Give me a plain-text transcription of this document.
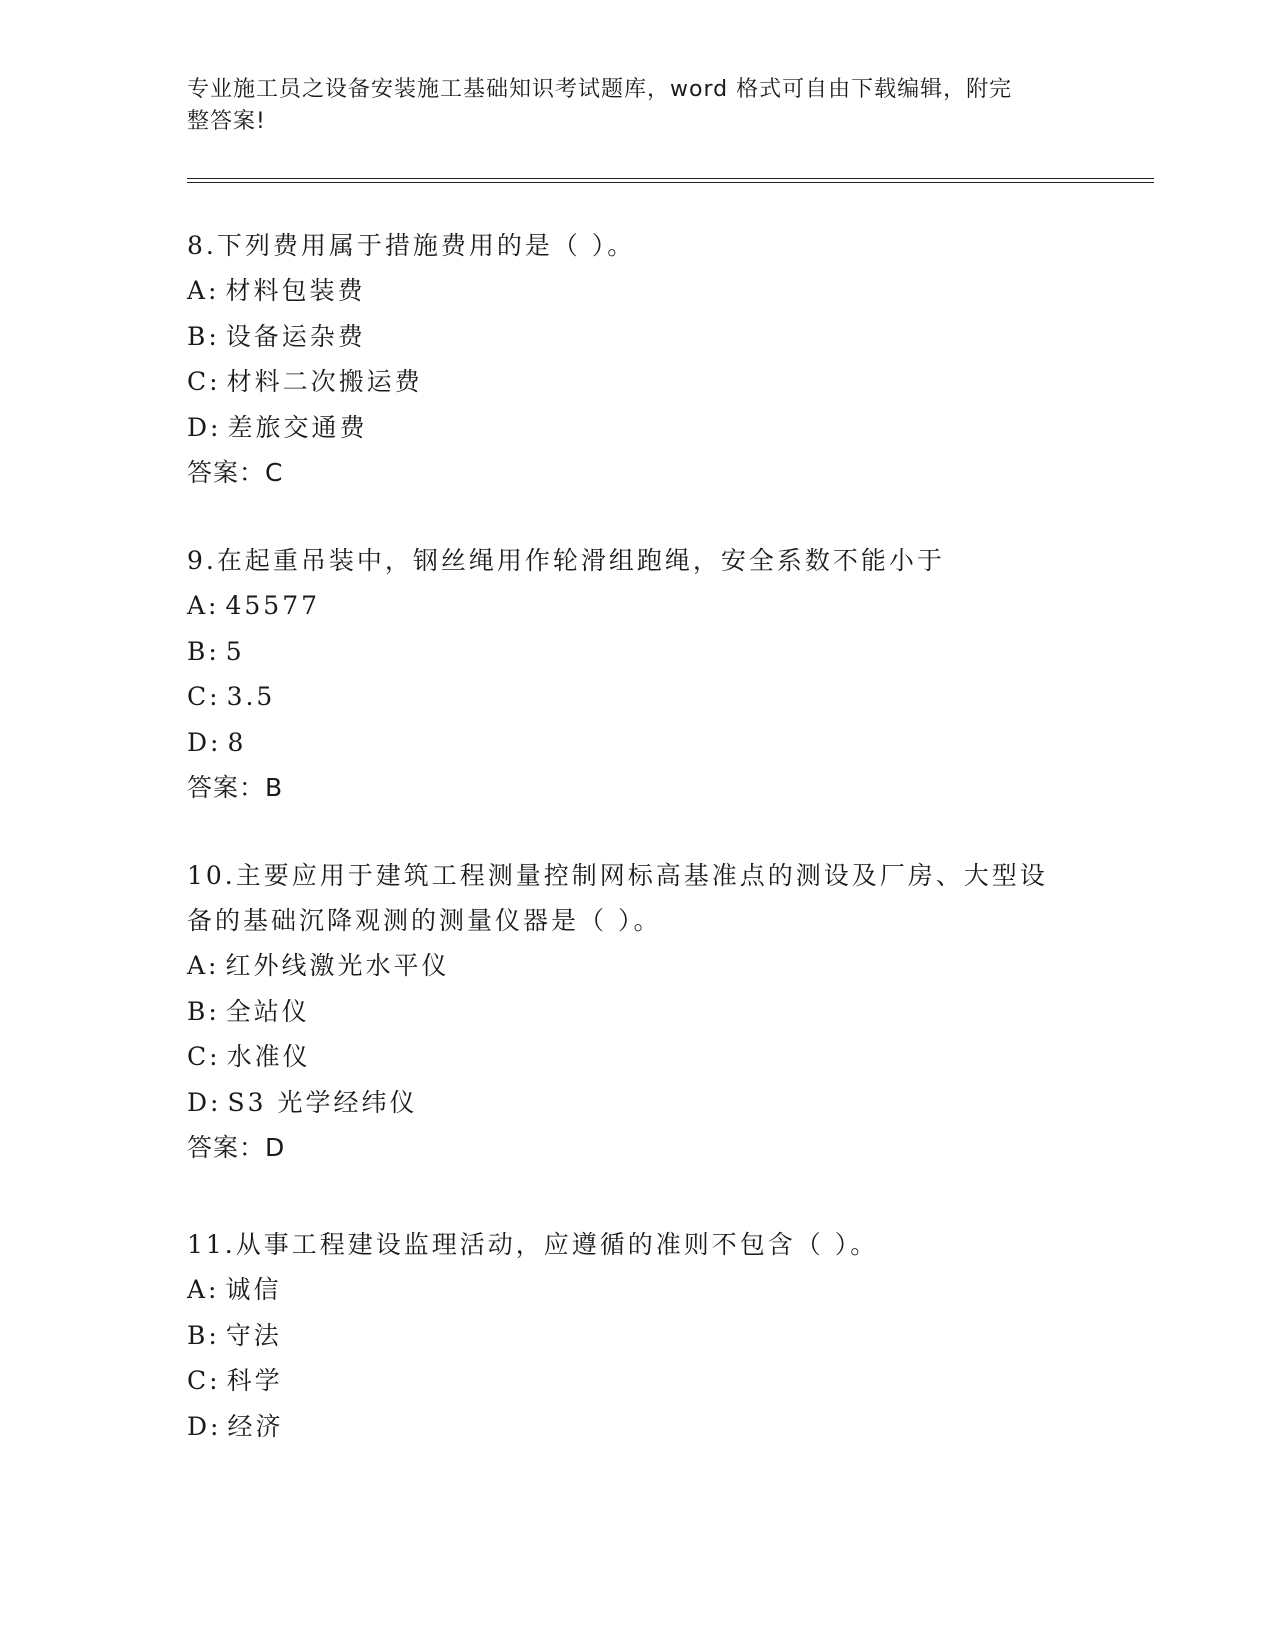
专业施工员之设备安装施工基础知识考试题库，word 格式可自由下载编辑，附完
整答案!

8.下列费用属于措施费用的是（ ）。

A: 材料包装费

B: 设备运杂费

C: 材料二次搬运费

D: 差旅交通费

答案：C

9.在起重吊装中，钢丝绳用作轮滑组跑绳，安全系数不能小于

A: 45577

B: 5

C: 3.5

D: 8

答案：B

10.主要应用于建筑工程测量控制网标高基准点的测设及厂房、大型设

备的基础沉降观测的测量仪器是（ ）。

A: 红外线激光水平仪

B: 全站仪

C: 水准仪

D: S3 光学经纬仪

答案：D

11.从事工程建设监理活动，应遵循的准则不包含（ ）。

A: 诚信

B: 守法

C: 科学

D: 经济
